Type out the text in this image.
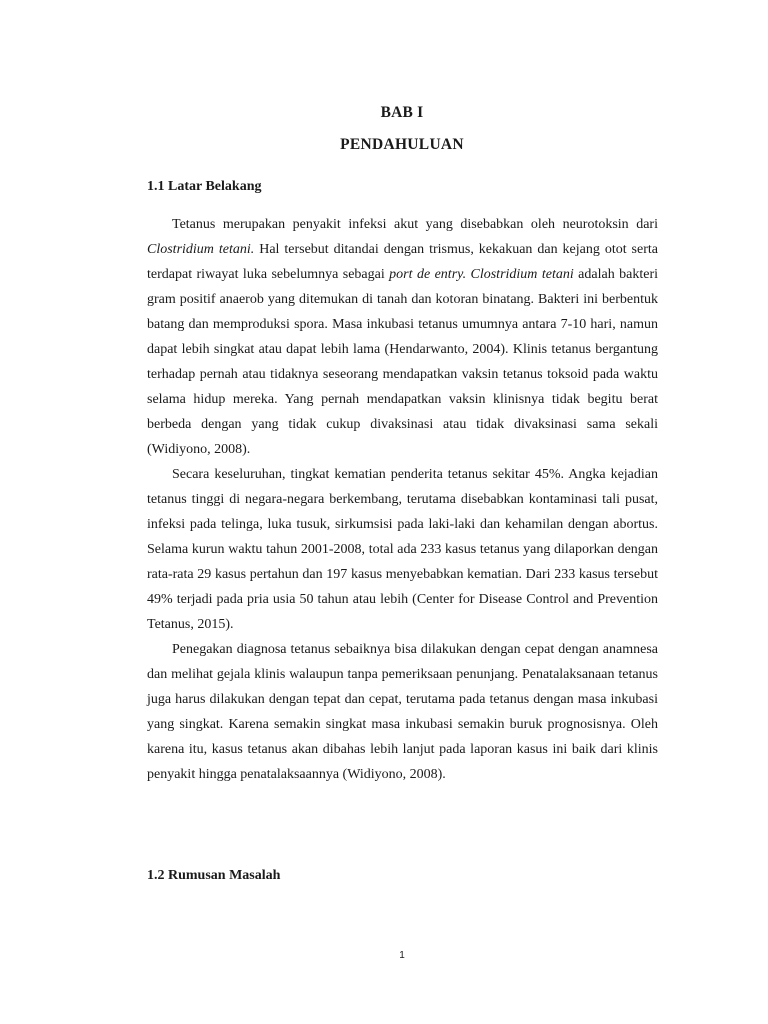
BAB I
PENDAHULUAN
1.1 Latar Belakang

Tetanus merupakan penyakit infeksi akut yang disebabkan oleh neurotoksin dari Clostridium tetani. Hal tersebut ditandai dengan trismus, kekakuan dan kejang otot serta terdapat riwayat luka sebelumnya sebagai port de entry. Clostridium tetani adalah bakteri gram positif anaerob yang ditemukan di tanah dan kotoran binatang. Bakteri ini berbentuk batang dan memproduksi spora. Masa inkubasi tetanus umumnya antara 7-10 hari, namun dapat lebih singkat atau dapat lebih lama (Hendarwanto, 2004). Klinis tetanus bergantung terhadap pernah atau tidaknya seseorang mendapatkan vaksin tetanus toksoid pada waktu selama hidup mereka. Yang pernah mendapatkan vaksin klinisnya tidak begitu berat berbeda dengan yang tidak cukup divaksinasi atau tidak divaksinasi sama sekali (Widiyono, 2008).

Secara keseluruhan, tingkat kematian penderita tetanus sekitar 45%. Angka kejadian tetanus tinggi di negara-negara berkembang, terutama disebabkan kontaminasi tali pusat, infeksi pada telinga, luka tusuk, sirkumsisi pada laki-laki dan kehamilan dengan abortus. Selama kurun waktu tahun 2001-2008, total ada 233 kasus tetanus yang dilaporkan dengan rata-rata 29 kasus pertahun dan 197 kasus menyebabkan kematian. Dari 233 kasus tersebut 49% terjadi pada pria usia 50 tahun atau lebih (Center for Disease Control and Prevention Tetanus, 2015).

Penegakan diagnosa tetanus sebaiknya bisa dilakukan dengan cepat dengan anamnesa dan melihat gejala klinis walaupun tanpa pemeriksaan penunjang. Penatalaksanaan tetanus juga harus dilakukan dengan tepat dan cepat, terutama pada tetanus dengan masa inkubasi yang singkat. Karena semakin singkat masa inkubasi semakin buruk prognosisnya. Oleh karena itu, kasus tetanus akan dibahas lebih lanjut pada laporan kasus ini baik dari klinis penyakit hingga penatalaksaannya (Widiyono, 2008).

1.2 Rumusan Masalah
1
